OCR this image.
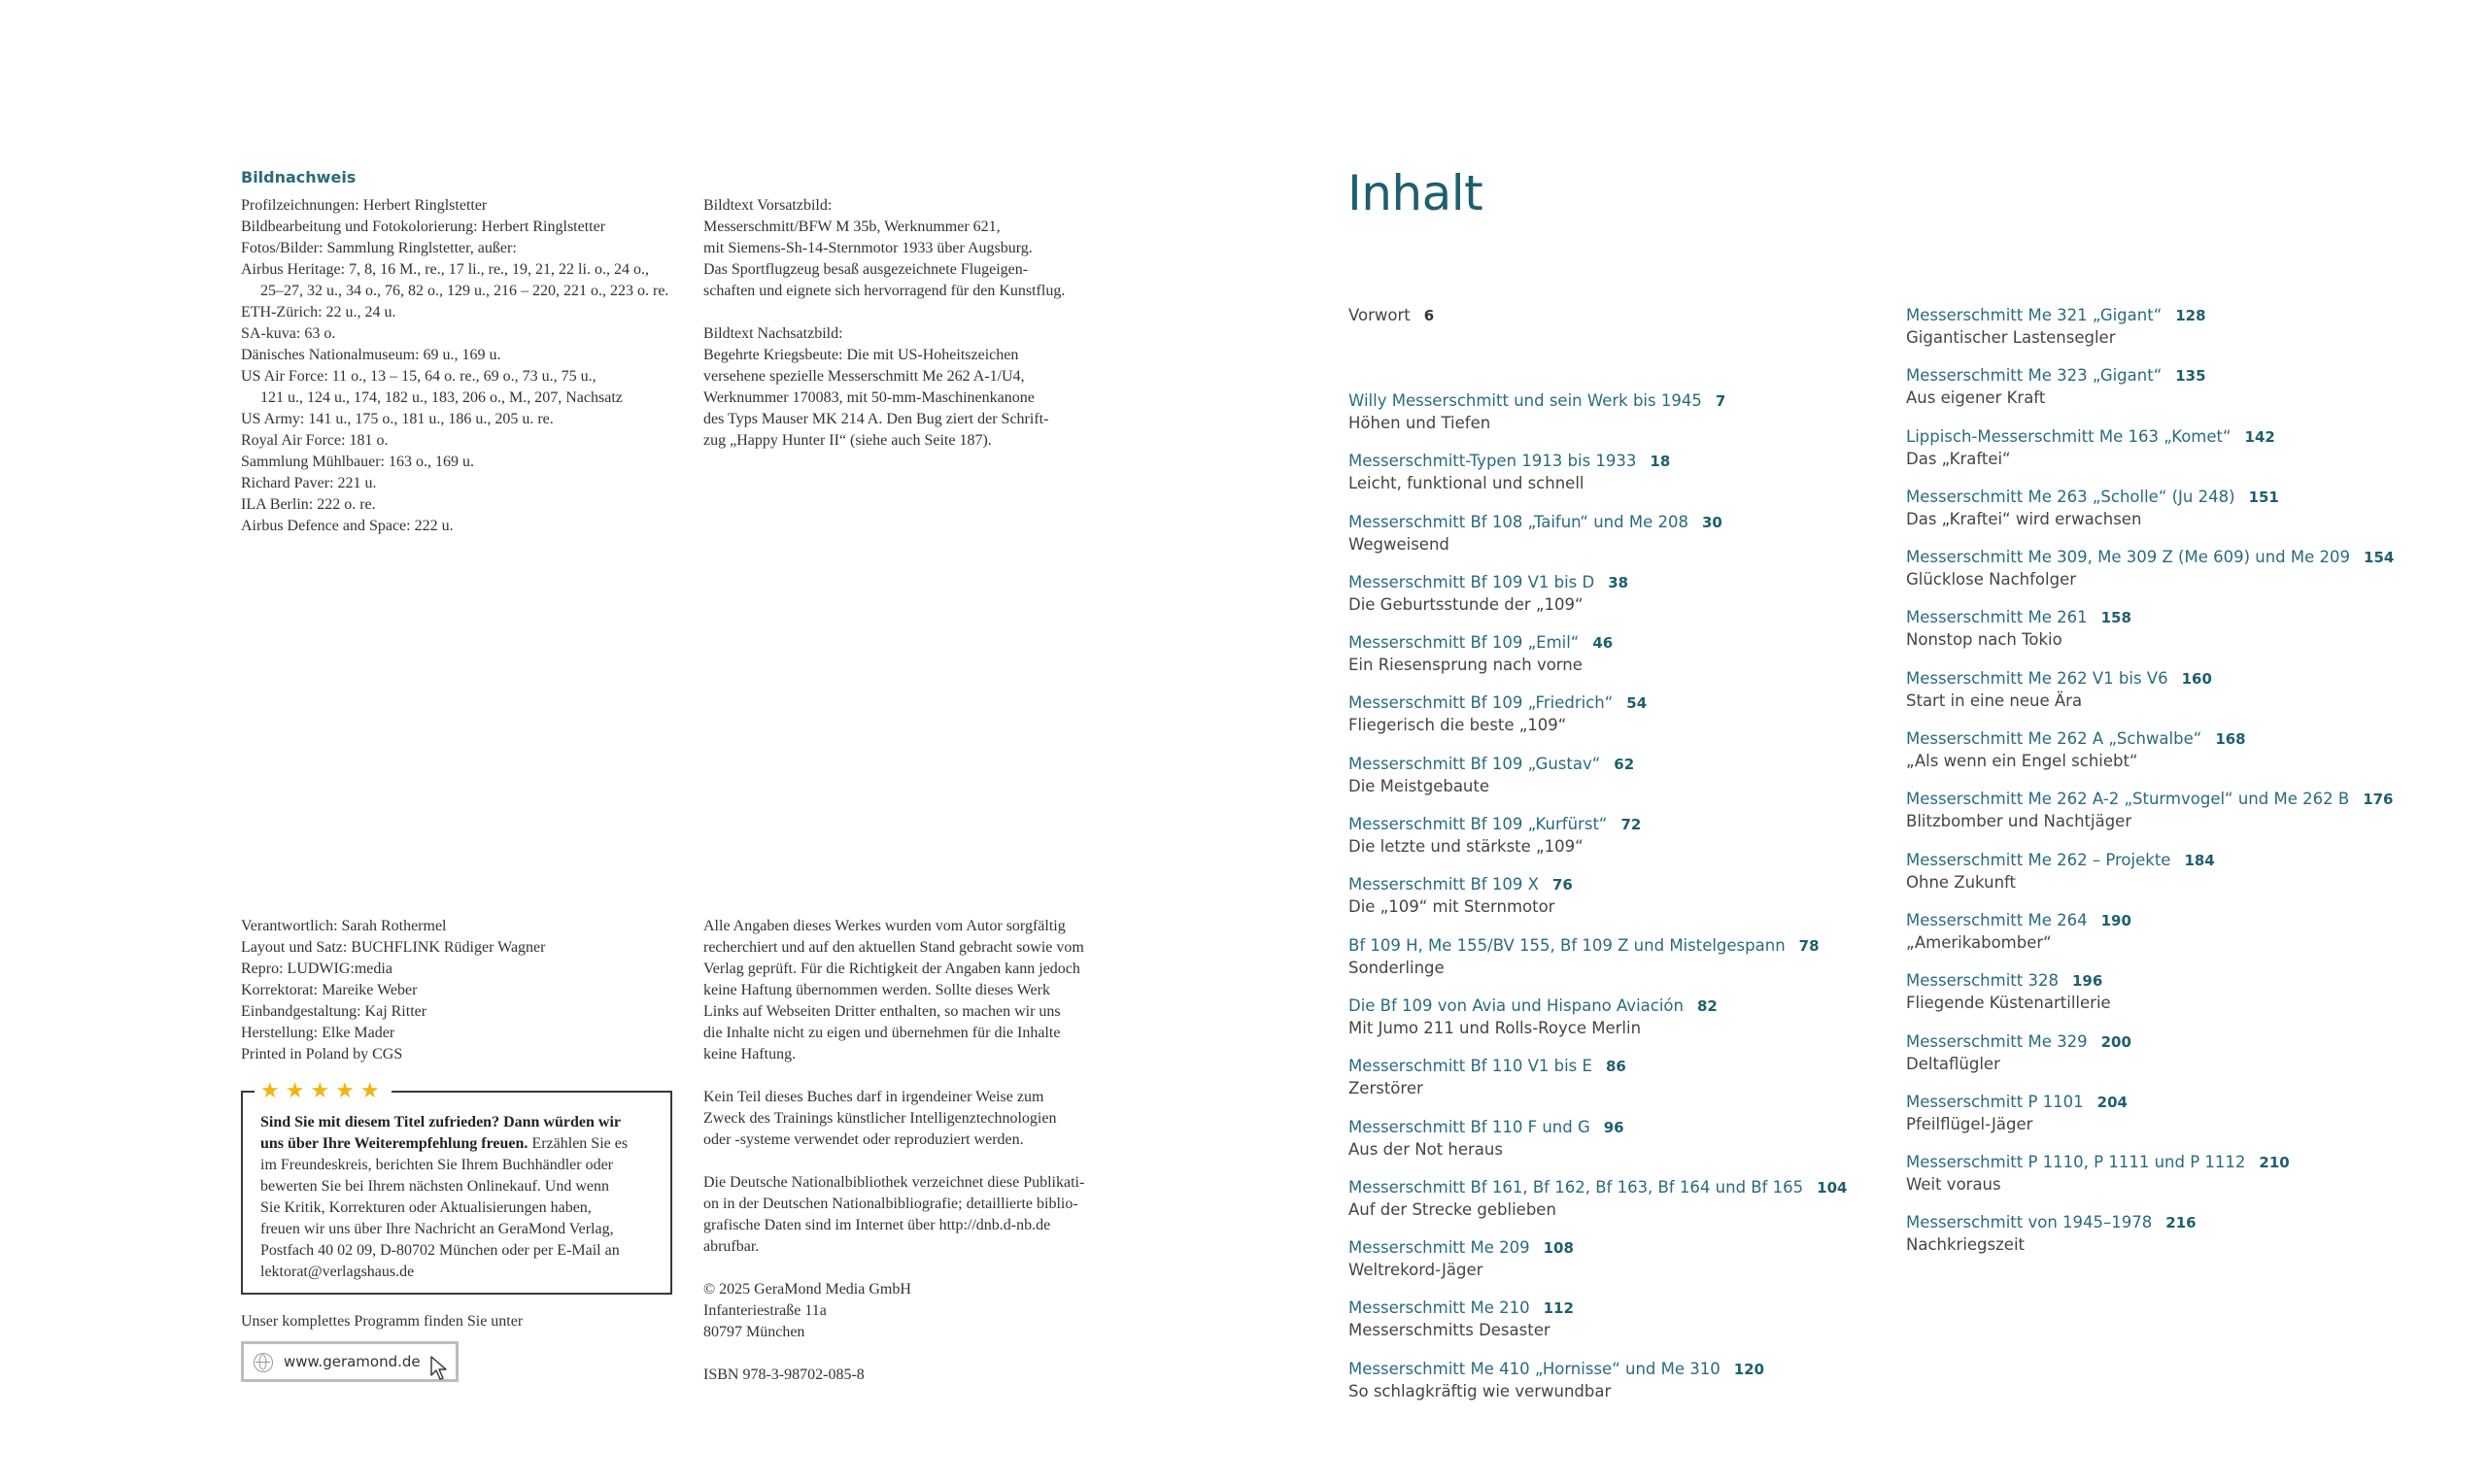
Bildnachweis
Profilzeichnungen: Herbert Ringlstetter
Bildbearbeitung und Fotokolorierung: Herbert Ringlstetter
Fotos/Bilder: Sammlung Ringlstetter, außer:
Airbus Heritage: 7, 8, 16 M., re., 17 li., re., 19, 21, 22 li. o., 24 o.,
25–27, 32 u., 34 o., 76, 82 o., 129 u., 216 – 220, 221 o., 223 o. re.
ETH-Zürich: 22 u., 24 u.
SA-kuva: 63 o.
Dänisches Nationalmuseum: 69 u., 169 u.
US Air Force: 11 o., 13 – 15, 64 o. re., 69 o., 73 u., 75 u.,
121 u., 124 u., 174, 182 u., 183, 206 o., M., 207, Nachsatz
US Army: 141 u., 175 o., 181 u., 186 u., 205 u. re.
Royal Air Force: 181 o.
Sammlung Mühlbauer: 163 o., 169 u.
Richard Paver: 221 u.
ILA Berlin: 222 o. re.
Airbus Defence and Space: 222 u.
Bildtext Vorsatzbild:
Messerschmitt/BFW M 35b, Werknummer 621,
mit Siemens-Sh-14-Sternmotor 1933 über Augsburg.
Das Sportflugzeug besaß ausgezeichnete Flugeigen-
schaften und eignete sich hervorragend für den Kunstflug.
Bildtext Nachsatzbild:
Begehrte Kriegsbeute: Die mit US-Hoheitszeichen
versehene spezielle Messerschmitt Me 262 A-1/U4,
Werknummer 170083, mit 50-mm-Maschinenkanone
des Typs Mauser MK 214 A. Den Bug ziert der Schrift-
zug „Happy Hunter II“ (siehe auch Seite 187).
Verantwortlich: Sarah Rothermel
Layout und Satz: BUCHFLINK Rüdiger Wagner
Repro: LUDWIG:media
Korrektorat: Mareike Weber
Einbandgestaltung: Kaj Ritter
Herstellung: Elke Mader
Printed in Poland by CGS
★★★★★
Sind Sie mit diesem Titel zufrieden? Dann würden wir
uns über Ihre Weiterempfehlung freuen. Erzählen Sie es
im Freundeskreis, berichten Sie Ihrem Buchhändler oder
bewerten Sie bei Ihrem nächsten Onlinekauf. Und wenn
Sie Kritik, Korrekturen oder Aktualisierungen haben,
freuen wir uns über Ihre Nachricht an GeraMond Verlag,
Postfach 40 02 09, D-80702 München oder per E-Mail an
lektorat@verlagshaus.de
Unser komplettes Programm finden Sie unter
www.geramond.de
Alle Angaben dieses Werkes wurden vom Autor sorgfältig
recherchiert und auf den aktuellen Stand gebracht sowie vom
Verlag geprüft. Für die Richtigkeit der Angaben kann jedoch
keine Haftung übernommen werden. Sollte dieses Werk
Links auf Webseiten Dritter enthalten, so machen wir uns
die Inhalte nicht zu eigen und übernehmen für die Inhalte
keine Haftung.
Kein Teil dieses Buches darf in irgendeiner Weise zum
Zweck des Trainings künstlicher Intelligenztechnologien
oder -systeme verwendet oder reproduziert werden.
Die Deutsche Nationalbibliothek verzeichnet diese Publikati-
on in der Deutschen Nationalbibliografie; detaillierte biblio-
grafische Daten sind im Internet über http://dnb.d-nb.de
abrufbar.
© 2025 GeraMond Media GmbH
Infanteriestraße 11a
80797 München
ISBN 978-3-98702-085-8
Inhalt
Vorwort 6
Willy Messerschmitt und sein Werk bis 1945 7
Höhen und Tiefen
Messerschmitt-Typen 1913 bis 1933 18
Leicht, funktional und schnell
Messerschmitt Bf 108 „Taifun“ und Me 208 30
Wegweisend
Messerschmitt Bf 109 V1 bis D 38
Die Geburtsstunde der „109“
Messerschmitt Bf 109 „Emil“ 46
Ein Riesensprung nach vorne
Messerschmitt Bf 109 „Friedrich“ 54
Fliegerisch die beste „109“
Messerschmitt Bf 109 „Gustav“ 62
Die Meistgebaute
Messerschmitt Bf 109 „Kurfürst“ 72
Die letzte und stärkste „109“
Messerschmitt Bf 109 X 76
Die „109“ mit Sternmotor
Bf 109 H, Me 155/BV 155, Bf 109 Z und Mistelgespann 78
Sonderlinge
Die Bf 109 von Avia und Hispano Aviación 82
Mit Jumo 211 und Rolls-Royce Merlin
Messerschmitt Bf 110 V1 bis E 86
Zerstörer
Messerschmitt Bf 110 F und G 96
Aus der Not heraus
Messerschmitt Bf 161, Bf 162, Bf 163, Bf 164 und Bf 165 104
Auf der Strecke geblieben
Messerschmitt Me 209 108
Weltrekord-Jäger
Messerschmitt Me 210 112
Messerschmitts Desaster
Messerschmitt Me 410 „Hornisse“ und Me 310 120
So schlagkräftig wie verwundbar
Messerschmitt Me 321 „Gigant“ 128
Gigantischer Lastensegler
Messerschmitt Me 323 „Gigant“ 135
Aus eigener Kraft
Lippisch-Messerschmitt Me 163 „Komet“ 142
Das „Kraftei“
Messerschmitt Me 263 „Scholle“ (Ju 248) 151
Das „Kraftei“ wird erwachsen
Messerschmitt Me 309, Me 309 Z (Me 609) und Me 209 154
Glücklose Nachfolger
Messerschmitt Me 261 158
Nonstop nach Tokio
Messerschmitt Me 262 V1 bis V6 160
Start in eine neue Ära
Messerschmitt Me 262 A „Schwalbe“ 168
„Als wenn ein Engel schiebt“
Messerschmitt Me 262 A-2 „Sturmvogel“ und Me 262 B 176
Blitzbomber und Nachtjäger
Messerschmitt Me 262 – Projekte 184
Ohne Zukunft
Messerschmitt Me 264 190
„Amerikabomber“
Messerschmitt 328 196
Fliegende Küstenartillerie
Messerschmitt Me 329 200
Deltaflügler
Messerschmitt P 1101 204
Pfeilflügel-Jäger
Messerschmitt P 1110, P 1111 und P 1112 210
Weit voraus
Messerschmitt von 1945–1978 216
Nachkriegszeit
